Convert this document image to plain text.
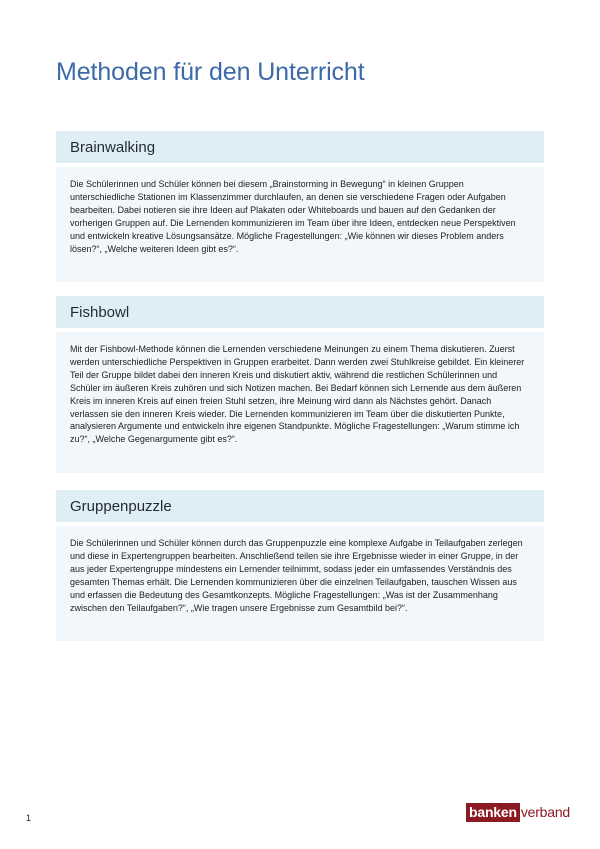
Methoden für den Unterricht
Brainwalking

Die Schülerinnen und Schüler können bei diesem „Brainstorming in Bewegung“ in kleinen Gruppen unterschiedliche Stationen im Klassenzimmer durchlaufen, an denen sie verschiedene Fragen oder Aufgaben bearbeiten. Dabei notieren sie ihre Ideen auf Plakaten oder Whiteboards und bauen auf den Gedanken der vorherigen Gruppen auf. Die Lernenden kommunizieren im Team über ihre Ideen, entdecken neue Perspektiven und entwickeln kreative Lösungsansätze. Mögliche Fragestellungen: „Wie können wir dieses Problem anders lösen?“, „Welche weiteren Ideen gibt es?“.

Fishbowl

Mit der Fishbowl-Methode können die Lernenden verschiedene Meinungen zu einem Thema diskutieren. Zuerst werden unterschiedliche Perspektiven in Gruppen erarbeitet. Dann werden zwei Stuhlkreise gebildet. Ein kleinerer Teil der Gruppe bildet dabei den inneren Kreis und diskutiert aktiv, während die restlichen Schülerinnen und Schüler im äußeren Kreis zuhören und sich Notizen machen. Bei Bedarf können sich Lernende aus dem äußeren Kreis im inneren Kreis auf einen freien Stuhl setzen, ihre Meinung wird dann als Nächstes gehört. Danach verlassen sie den inneren Kreis wieder. Die Lernenden kommunizieren im Team über die diskutierten Punkte, analysieren Argumente und entwickeln ihre eigenen Standpunkte. Mögliche Fragestellungen: „Warum stimme ich zu?“, „Welche Gegenargumente gibt es?“.

Gruppenpuzzle

Die Schülerinnen und Schüler können durch das Gruppenpuzzle eine komplexe Aufgabe in Teilaufgaben zerlegen und diese in Expertengruppen bearbeiten. Anschließend teilen sie ihre Ergebnisse wieder in einer Gruppe, in der aus jeder Expertengruppe mindestens ein Lernender teilnimmt, sodass jeder ein umfassendes Verständnis des gesamten Themas erhält. Die Lernenden kommunizieren über die einzelnen Teilaufgaben, tauschen Wissen aus und erfassen die Bedeutung des Gesamtkonzepts. Mögliche Fragestellungen: „Was ist der Zusammenhang zwischen den Teilaufgaben?“, „Wie tragen unsere Ergebnisse zum Gesamtbild bei?“.

1	banken verband
